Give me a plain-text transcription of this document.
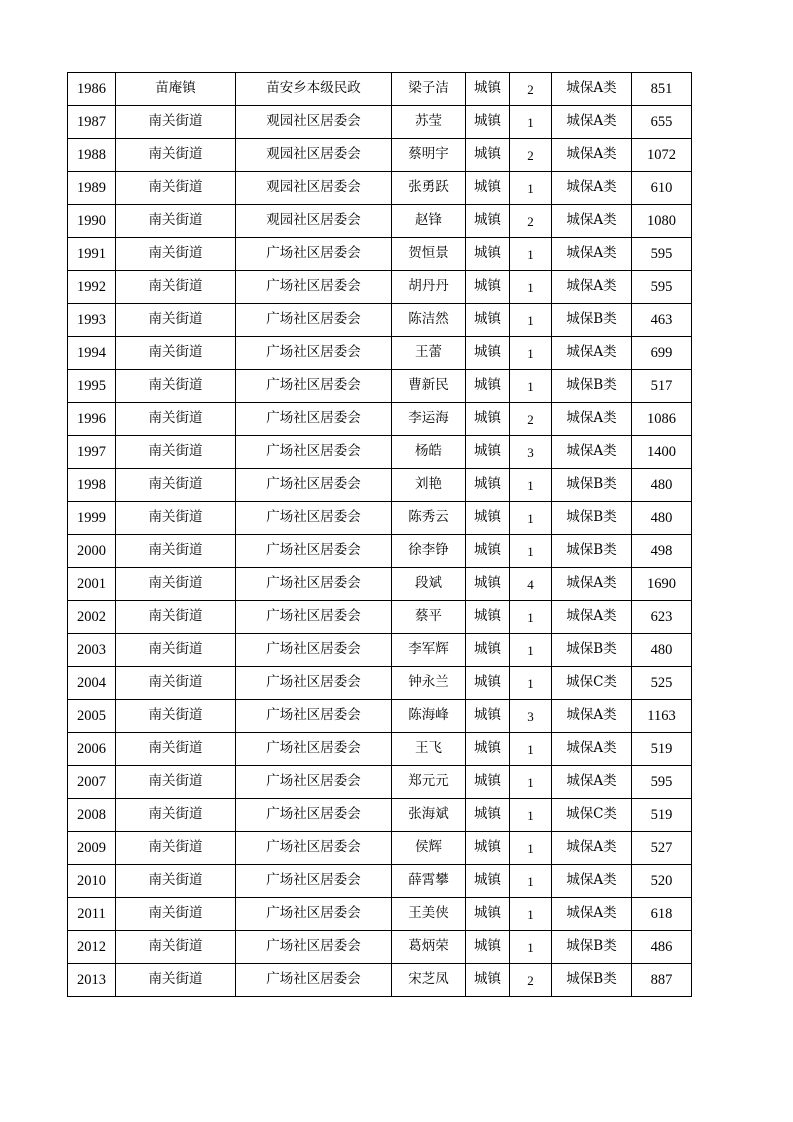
1986	苗庵镇	苗安乡本级民政	梁子洁	城镇	2	城保A类	851
1987	南关街道	观园社区居委会	苏莹	城镇	1	城保A类	655
1988	南关街道	观园社区居委会	蔡明宇	城镇	2	城保A类	1072
1989	南关街道	观园社区居委会	张勇跃	城镇	1	城保A类	610
1990	南关街道	观园社区居委会	赵锋	城镇	2	城保A类	1080
1991	南关街道	广场社区居委会	贺恒景	城镇	1	城保A类	595
1992	南关街道	广场社区居委会	胡丹丹	城镇	1	城保A类	595
1993	南关街道	广场社区居委会	陈洁然	城镇	1	城保B类	463
1994	南关街道	广场社区居委会	王蕾	城镇	1	城保A类	699
1995	南关街道	广场社区居委会	曹新民	城镇	1	城保B类	517
1996	南关街道	广场社区居委会	李运海	城镇	2	城保A类	1086
1997	南关街道	广场社区居委会	杨皓	城镇	3	城保A类	1400
1998	南关街道	广场社区居委会	刘艳	城镇	1	城保B类	480
1999	南关街道	广场社区居委会	陈秀云	城镇	1	城保B类	480
2000	南关街道	广场社区居委会	徐李铮	城镇	1	城保B类	498
2001	南关街道	广场社区居委会	段斌	城镇	4	城保A类	1690
2002	南关街道	广场社区居委会	蔡平	城镇	1	城保A类	623
2003	南关街道	广场社区居委会	李军辉	城镇	1	城保B类	480
2004	南关街道	广场社区居委会	钟永兰	城镇	1	城保C类	525
2005	南关街道	广场社区居委会	陈海峰	城镇	3	城保A类	1163
2006	南关街道	广场社区居委会	王飞	城镇	1	城保A类	519
2007	南关街道	广场社区居委会	郑元元	城镇	1	城保A类	595
2008	南关街道	广场社区居委会	张海斌	城镇	1	城保C类	519
2009	南关街道	广场社区居委会	侯辉	城镇	1	城保A类	527
2010	南关街道	广场社区居委会	薛霄攀	城镇	1	城保A类	520
2011	南关街道	广场社区居委会	王美侠	城镇	1	城保A类	618
2012	南关街道	广场社区居委会	葛炳荣	城镇	1	城保B类	486
2013	南关街道	广场社区居委会	宋芝凤	城镇	2	城保B类	887
